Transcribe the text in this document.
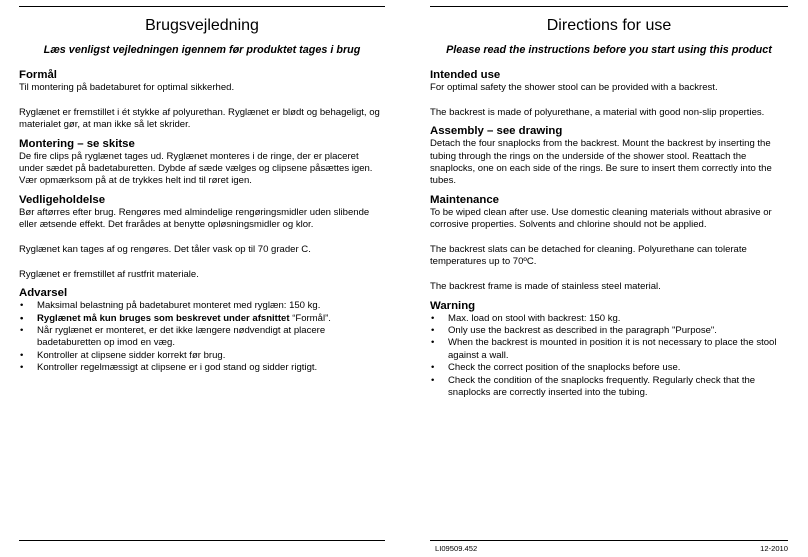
Brugsvejledning
Læs venligst vejledningen igennem før produktet tages i brug
Formål
Til montering på badetaburet for optimal sikkerhed.
Ryglænet er fremstillet i ét stykke af polyurethan. Ryglænet er blødt og behageligt, og materialet gør, at man ikke så let skrider.
Montering – se skitse
De fire clips på ryglænet tages ud. Ryglænet monteres i de ringe, der er placeret under sædet på badetaburetten. Dybde af sæde vælges og clipsene påsættes igen. Vær opmærksom på at de trykkes helt ind til røret igen.
Vedligeholdelse
Bør aftørres efter brug. Rengøres med almindelige rengøringsmidler uden slibende eller ætsende effekt. Det frarådes at benytte opløsningsmidler og klor.
Ryglænet kan tages af og rengøres. Det tåler vask op til 70 grader C.
Ryglænet er fremstillet af rustfrit materiale.
Advarsel
• Maksimal belastning på badetaburet monteret med ryglæn: 150 kg.
• Ryglænet må kun bruges som beskrevet under afsnittet “Formål”.
• Når ryglænet er monteret, er det ikke længere nødvendigt at placere badetaburetten op imod en væg.
• Kontroller at clipsene sidder korrekt før brug.
• Kontroller regelmæssigt at clipsene er i god stand og sidder rigtigt.
Directions for use
Please read the instructions before you start using this product
Intended use
For optimal safety the shower stool can be provided with a backrest.
The backrest is made of polyurethane, a material with good non-slip properties.
Assembly – see drawing
Detach the four snaplocks from the backrest. Mount the backrest by inserting the tubing through the rings on the underside of the shower stool. Reattach the snaplocks, one on each side of the rings. Be sure to insert them correctly into the tubes.
Maintenance
To be wiped clean after use. Use domestic cleaning materials without abrasive or corrosive properties. Solvents and chlorine should not be applied.
The backrest slats can be detached for cleaning. Polyurethane can tolerate temperatures up to 70ºC.
The backrest frame is made of stainless steel material.
Warning
• Max. load on stool with backrest: 150 kg.
• Only use the backrest as described in the paragraph "Purpose".
• When the backrest is mounted in position it is not necessary to place the stool against a wall.
• Check the correct position of the snaplocks before use.
• Check the condition of the snaplocks frequently. Regularly check that the snaplocks are correctly inserted into the tubing.
LI09509.452	12-2010
